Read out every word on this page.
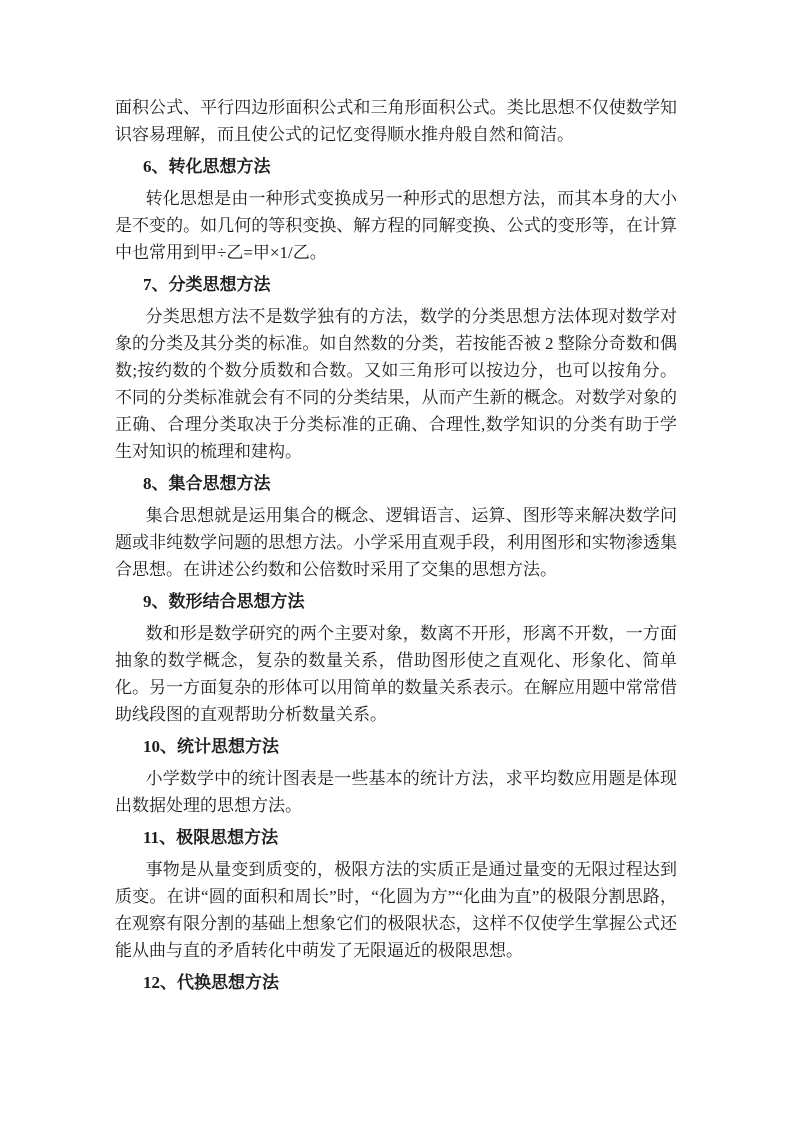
面积公式、平行四边形面积公式和三角形面积公式。类比思想不仅使数学知识容易理解，而且使公式的记忆变得顺水推舟般自然和简洁。

6、转化思想方法

转化思想是由一种形式变换成另一种形式的思想方法，而其本身的大小是不变的。如几何的等积变换、解方程的同解变换、公式的变形等，在计算中也常用到甲÷乙=甲×1/乙。

7、分类思想方法

分类思想方法不是数学独有的方法，数学的分类思想方法体现对数学对象的分类及其分类的标准。如自然数的分类，若按能否被 2 整除分奇数和偶数;按约数的个数分质数和合数。又如三角形可以按边分，也可以按角分。不同的分类标准就会有不同的分类结果，从而产生新的概念。对数学对象的正确、合理分类取决于分类标准的正确、合理性,数学知识的分类有助于学生对知识的梳理和建构。

8、集合思想方法

集合思想就是运用集合的概念、逻辑语言、运算、图形等来解决数学问题或非纯数学问题的思想方法。小学采用直观手段，利用图形和实物渗透集合思想。在讲述公约数和公倍数时采用了交集的思想方法。

9、数形结合思想方法

数和形是数学研究的两个主要对象，数离不开形，形离不开数，一方面抽象的数学概念，复杂的数量关系，借助图形使之直观化、形象化、简单化。另一方面复杂的形体可以用简单的数量关系表示。在解应用题中常常借助线段图的直观帮助分析数量关系。

10、统计思想方法

小学数学中的统计图表是一些基本的统计方法，求平均数应用题是体现出数据处理的思想方法。

11、极限思想方法

事物是从量变到质变的，极限方法的实质正是通过量变的无限过程达到质变。在讲“圆的面积和周长”时，“化圆为方”“化曲为直”的极限分割思路，在观察有限分割的基础上想象它们的极限状态，这样不仅使学生掌握公式还能从曲与直的矛盾转化中萌发了无限逼近的极限思想。

12、代换思想方法
